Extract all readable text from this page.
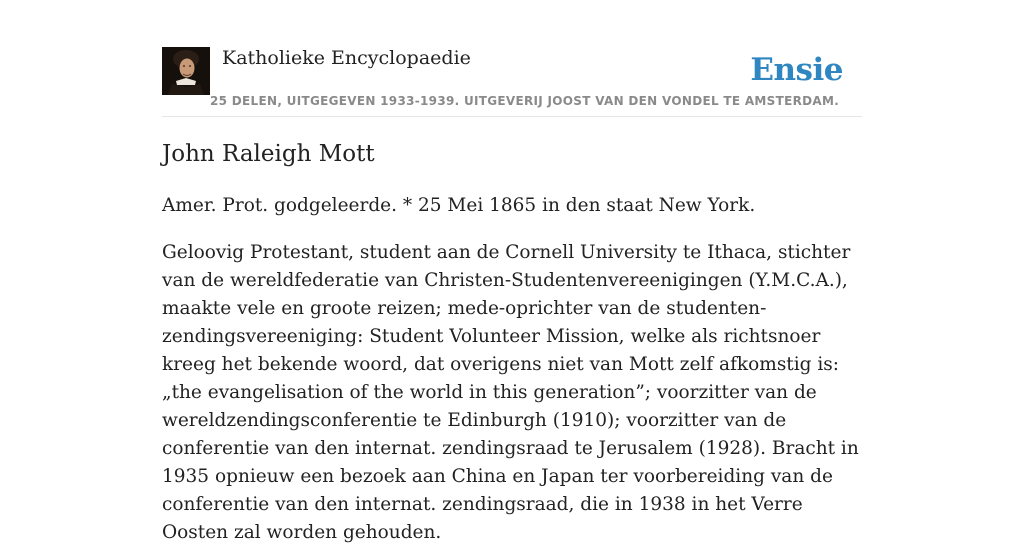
Katholieke Encyclopaedie
25 DELEN, UITGEGEVEN 1933-1939. UITGEVERIJ JOOST VAN DEN VONDEL TE AMSTERDAM.
Ensie
John Raleigh Mott

Amer. Prot. godgeleerde. * 25 Mei 1865 in den staat New York.

Geloovig Protestant, student aan de Cornell University te Ithaca, stichter van de wereldfederatie van Christen-Studentenvereenigingen (Y.M.C.A.), maakte vele en groote reizen; mede-oprichter van de studenten-zendingsvereeniging: Student Volunteer Mission, welke als richtsnoer kreeg het bekende woord, dat overigens niet van Mott zelf afkomstig is: „the evangelisation of the world in this generation”; voorzitter van de wereldzendingsconferentie te Edinburgh (1910); voorzitter van de conferentie van den internat. zendingsraad te Jerusalem (1928). Bracht in 1935 opnieuw een bezoek aan China en Japan ter voorbereiding van de conferentie van den internat. zendingsraad, die in 1938 in het Verre Oosten zal worden gehouden.
